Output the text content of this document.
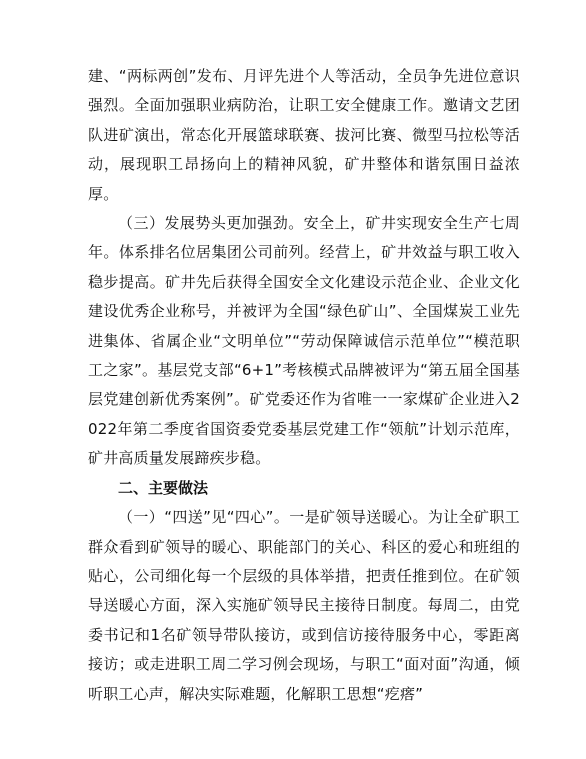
建、“两标两创”发布、月评先进个人等活动，全员争先进位意识强烈。全面加强职业病防治，让职工安全健康工作。邀请文艺团队进矿演出，常态化开展篮球联赛、拔河比赛、微型马拉松等活动，展现职工昂扬向上的精神风貌，矿井整体和谐氛围日益浓厚。

（三）发展势头更加强劲。安全上，矿井实现安全生产七周年。体系排名位居集团公司前列。经营上，矿井效益与职工收入稳步提高。矿井先后获得全国安全文化建设示范企业、企业文化建设优秀企业称号，并被评为全国“绿色矿山”、全国煤炭工业先进集体、省属企业“文明单位”“劳动保障诚信示范单位”“模范职工之家”。基层党支部“6+1”考核模式品牌被评为“第五届全国基层党建创新优秀案例”。矿党委还作为省唯一一家煤矿企业进入2022年第二季度省国资委党委基层党建工作“领航”计划示范库，矿井高质量发展蹄疾步稳。

二、主要做法

（一）“四送”见“四心”。一是矿领导送暖心。为让全矿职工群众看到矿领导的暖心、职能部门的关心、科区的爱心和班组的贴心，公司细化每一个层级的具体举措，把责任推到位。在矿领导送暖心方面，深入实施矿领导民主接待日制度。每周二，由党委书记和1名矿领导带队接访，或到信访接待服务中心，零距离接访；或走进职工周二学习例会现场，与职工“面对面”沟通，倾听职工心声，解决实际难题，化解职工思想“疙瘩”
